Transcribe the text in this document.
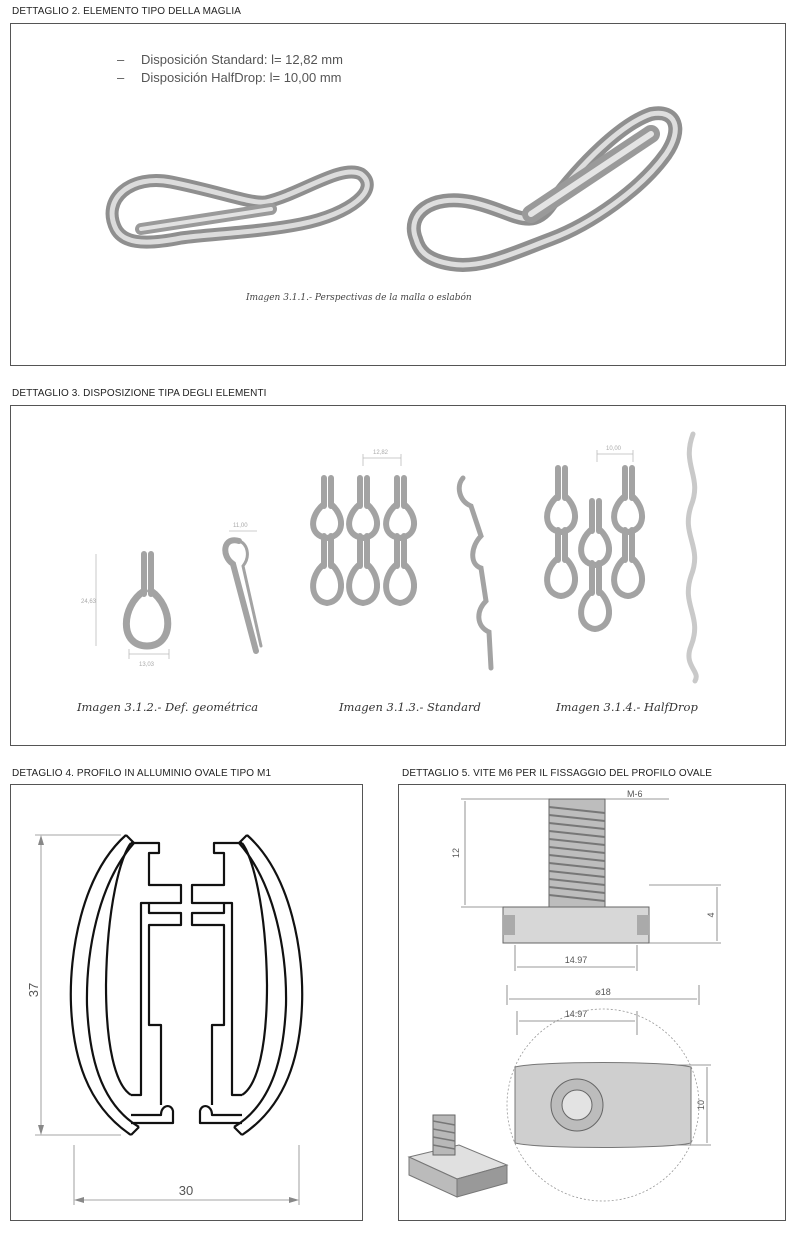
DETTAGLIO 2. ELEMENTO TIPO DELLA MAGLIA
– Disposición Standard: l= 12,82 mm
– Disposición HalfDrop: l= 10,00 mm
Imagen 3.1.1.- Perspectivas de la malla o eslabón
DETTAGLIO 3. DISPOSIZIONE TIPA DEGLI ELEMENTI
24,63
13,03
11,00
12,82
10,00
Imagen 3.1.2.- Def. geométrica	Imagen 3.1.3.- Standard	Imagen 3.1.4.- HalfDrop
DETAGLIO 4. PROFILO IN ALLUMINIO OVALE TIPO M1
37
30
DETTAGLIO 5. VITE M6 PER IL FISSAGGIO DEL PROFILO OVALE
M-6
12
4
14.97
⌀18
14.97
10
